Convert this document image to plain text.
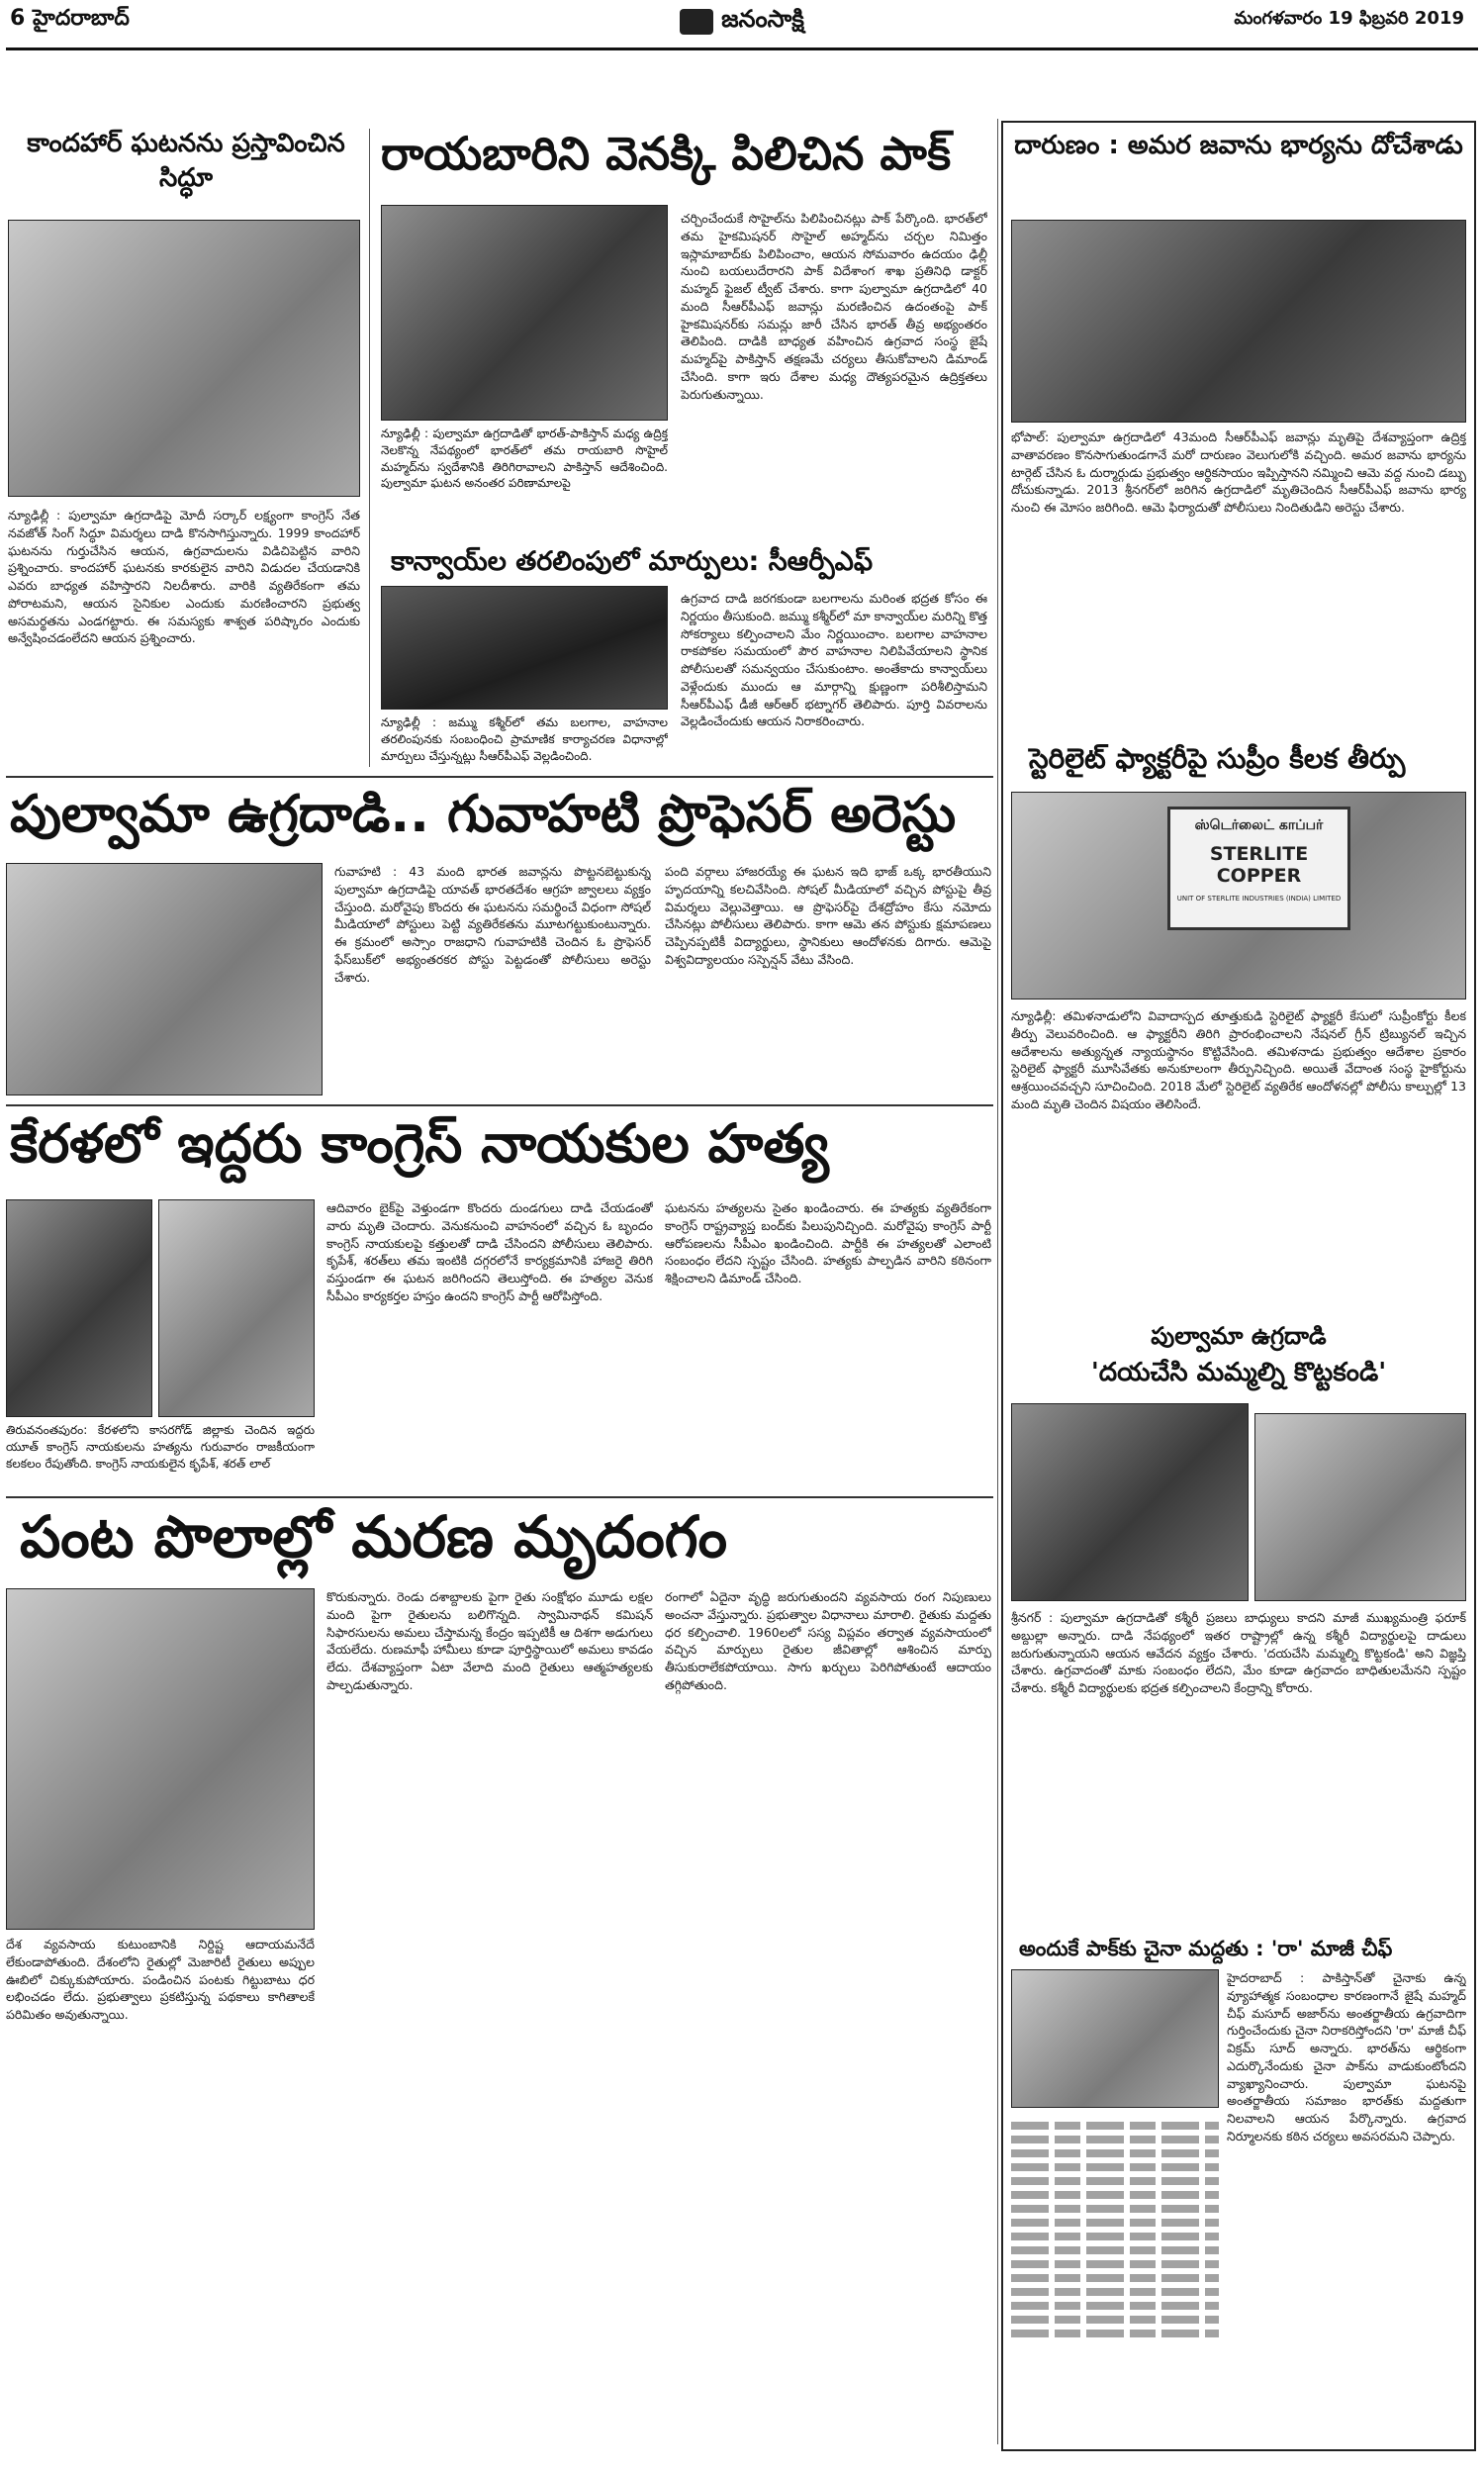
6 హైదరాబాద్	జనంసాక్షి	మంగళవారం 19 ఫిబ్రవరి 2019
కాందహార్ ఘటనను ప్రస్తావించిన సిద్ధూ
న్యూఢిల్లీ : పుల్వామా ఉగ్రదాడిపై మోదీ సర్కార్ లక్ష్యంగా కాంగ్రెస్ నేత నవజోత్ సింగ్ సిద్ధూ విమర్శలు దాడి కొనసాగిస్తున్నారు. 1999 కాందహార్ ఘటనను గుర్తుచేసిన ఆయన, ఉగ్రవాదులను విడిచిపెట్టిన వారిని ప్రశ్నించారు. కాందహార్ ఘటనకు కారకులైన వారిని విడుదల చేయడానికి ఎవరు బాధ్యత వహిస్తారని నిలదీశారు. వారికి వ్యతిరేకంగా తమ పోరాటమని, ఆయన సైనికుల ఎందుకు మరణించారని ప్రభుత్వ అసమర్థతను ఎండగట్టారు. ఈ సమస్యకు శాశ్వత పరిష్కారం ఎందుకు అన్వేషించడంలేదని ఆయన ప్రశ్నించారు.
రాయబారిని వెనక్కి పిలిచిన పాక్
న్యూఢిల్లీ : పుల్వామా ఉగ్రదాడితో భారత్-పాకిస్తాన్ మధ్య ఉద్రిక్త నెలకొన్న నేపథ్యంలో భారత్‌లో తమ రాయబారి సొహైల్ మహ్మద్‌ను స్వదేశానికి తిరిగిరావాలని పాకిస్తాన్ ఆదేశించింది. పుల్వామా ఘటన అనంతర పరిణామాలపై
చర్చించేందుకే సొహైల్‌ను పిలిపించినట్లు పాక్ పేర్కొంది. భారత్‌లో తమ హైకమిషనర్ సొహైల్ అహ్మద్‌ను చర్చల నిమిత్తం ఇస్లామాబాద్‌కు పిలిపించాం, ఆయన సోమవారం ఉదయం ఢిల్లీ నుంచి బయలుదేరారని పాక్ విదేశాంగ శాఖ ప్రతినిధి డాక్టర్ మహ్మద్ ఫైజల్ ట్వీట్ చేశారు. కాగా పుల్వామా ఉగ్రదాడిలో 40 మంది సీఆర్‌పీఎఫ్ జవాన్లు మరణించిన ఉదంతంపై పాక్ హైకమిషనర్‌కు సమన్లు జారీ చేసిన భారత్ తీవ్ర అభ్యంతరం తెలిపింది. దాడికి బాధ్యత వహించిన ఉగ్రవాద సంస్థ జైషే మహ్మద్‌పై పాకిస్తాన్ తక్షణమే చర్యలు తీసుకోవాలని డిమాండ్ చేసింది. కాగా ఇరు దేశాల మధ్య దౌత్యపరమైన ఉద్రిక్తతలు పెరుగుతున్నాయి.
కాన్వాయ్‌ల తరలింపులో మార్పులు: సీఆర్పీఎఫ్
న్యూఢిల్లీ : జమ్ము కశ్మీర్‌లో తమ బలగాల, వాహనాల తరలింపునకు సంబంధించి ప్రామాణిక కార్యాచరణ విధానాల్లో మార్పులు చేస్తున్నట్లు సీఆర్‌పీఎఫ్ వెల్లడించింది.
ఉగ్రవాద దాడి జరగకుండా బలగాలను మరింత భద్రత కోసం ఈ నిర్ణయం తీసుకుంది. జమ్ము కశ్మీర్‌లో మా కాన్వాయ్‌ల మరిన్ని కొత్త సోకర్యాలు కల్పించాలని మేం నిర్ణయించాం. బలగాల వాహనాల రాకపోకల సమయంలో పౌర వాహనాల నిలిపివేయాలని స్థానిక పోలీసులతో సమన్వయం చేసుకుంటాం. అంతేకాదు కాన్వాయ్‌లు వెళ్లేందుకు ముందు ఆ మార్గాన్ని క్షుణ్ణంగా పరిశీలిస్తామని సీఆర్‌పీఎఫ్ డీజీ ఆర్ఆర్ భట్నాగర్ తెలిపారు. పూర్తి వివరాలను వెల్లడించేందుకు ఆయన నిరాకరించారు.
పుల్వామా ఉగ్రదాడి.. గువాహటి ప్రొఫెసర్ అరెస్టు
గువాహటి : 43 మంది భారత జవాన్లను పొట్టనబెట్టుకున్న పుల్వామా ఉగ్రదాడిపై యావత్ భారతదేశం ఆగ్రహ జ్వాలలు వ్యక్తం చేస్తుంది. మరోవైపు కొందరు ఈ ఘటనను సమర్థించే విధంగా సోషల్ మీడియాలో పోస్టులు పెట్టి వ్యతిరేకతను మూటగట్టుకుంటున్నారు. ఈ క్రమంలో అస్సాం రాజధాని గువాహటికి చెందిన ఓ ప్రొఫెసర్ ఫేస్‌బుక్‌లో అభ్యంతరకర పోస్టు పెట్టడంతో పోలీసులు అరెస్టు చేశారు.
పంది వర్గాలు హాజరయ్యే ఈ ఘటన ఇది భాజ్ ఒక్క భారతీయుని హృదయాన్ని కలచివేసింది. సోషల్ మీడియాలో వచ్చిన పోస్టుపై తీవ్ర విమర్శలు వెల్లువెత్తాయి. ఆ ప్రొఫెసర్‌పై దేశద్రోహం కేసు నమోదు చేసినట్లు పోలీసులు తెలిపారు. కాగా ఆమె తన పోస్టుకు క్షమాపణలు చెప్పినప్పటికీ విద్యార్థులు, స్థానికులు ఆందోళనకు దిగారు. ఆమెపై విశ్వవిద్యాలయం సస్పెన్షన్ వేటు వేసింది.
కేరళలో ఇద్దరు కాంగ్రెస్ నాయకుల హత్య
తిరువనంతపురం: కేరళలోని కాసరగోడ్ జిల్లాకు చెందిన ఇద్దరు యూత్ కాంగ్రెస్ నాయకులను హత్యను గురువారం రాజకీయంగా కలకలం రేపుతోంది. కాంగ్రెస్ నాయకులైన కృపేశ్, శరత్ లాల్
ఆదివారం బైక్‌పై వెళ్తుండగా కొందరు దుండగులు దాడి చేయడంతో వారు మృతి చెందారు. వెనుకనుంచి వాహనంలో వచ్చిన ఓ బృందం కాంగ్రెస్ నాయకులపై కత్తులతో దాడి చేసిందని పోలీసులు తెలిపారు. కృపేశ్, శరత్‌లు తమ ఇంటికి దగ్గరలోనే కార్యక్రమానికి హాజరై తిరిగి వస్తుండగా ఈ ఘటన జరిగిందని తెలుస్తోంది. ఈ హత్యల వెనుక సీపీఎం కార్యకర్తల హస్తం ఉందని కాంగ్రెస్ పార్టీ ఆరోపిస్తోంది.
ఘటనను హత్యలను సైతం ఖండించారు. ఈ హత్యకు వ్యతిరేకంగా కాంగ్రెస్ రాష్ట్రవ్యాప్త బంద్‌కు పిలుపునిచ్చింది. మరోవైపు కాంగ్రెస్ పార్టీ ఆరోపణలను సీపీఎం ఖండించింది. పార్టీకి ఈ హత్యలతో ఎలాంటి సంబంధం లేదని స్పష్టం చేసింది. హత్యకు పాల్పడిన వారిని కఠినంగా శిక్షించాలని డిమాండ్ చేసింది.
పంట పొలాల్లో మరణ మృదంగం
దేశ వ్యవసాయ కుటుంబానికి నిర్దిష్ట ఆదాయమనేదే లేకుండాపోతుంది. దేశంలోని రైతుల్లో మెజారిటీ రైతులు అప్పుల ఊబిలో చిక్కుకుపోయారు. పండించిన పంటకు గిట్టుబాటు ధర లభించడం లేదు. ప్రభుత్వాలు ప్రకటిస్తున్న పథకాలు కాగితాలకే పరిమితం అవుతున్నాయి.
కొరుకున్నారు. రెండు దశాబ్దాలకు పైగా రైతు సంక్షోభం మూడు లక్షల మంది పైగా రైతులను బలిగొన్నది. స్వామినాథన్ కమిషన్ సిఫారసులను అమలు చేస్తామన్న కేంద్రం ఇప్పటికీ ఆ దిశగా అడుగులు వేయలేదు. రుణమాఫీ హామీలు కూడా పూర్తిస్థాయిలో అమలు కావడం లేదు. దేశవ్యాప్తంగా ఏటా వేలాది మంది రైతులు ఆత్మహత్యలకు పాల్పడుతున్నారు.
రంగాలో ఏదైనా వృద్ధి జరుగుతుందని వ్యవసాయ రంగ నిపుణులు అంచనా వేస్తున్నారు. ప్రభుత్వాల విధానాలు మారాలి. రైతుకు మద్దతు ధర కల్పించాలి. 1960లలో సస్య విప్లవం తర్వాత వ్యవసాయంలో వచ్చిన మార్పులు రైతుల జీవితాల్లో ఆశించిన మార్పు తీసుకురాలేకపోయాయి. సాగు ఖర్చులు పెరిగిపోతుంటే ఆదాయం తగ్గిపోతుంది.
దారుణం : అమర జవాను భార్యను దోచేశాడు
భోపాల్: పుల్వామా ఉగ్రదాడిలో 43మంది సీఆర్‌పీఎఫ్ జవాన్లు మృతిపై దేశవ్యాప్తంగా ఉద్రిక్త వాతావరణం కొనసాగుతుండగానే మరో దారుణం వెలుగులోకి వచ్చింది. అమర జవాను భార్యను టార్గెట్ చేసిన ఓ దుర్మార్గుడు ప్రభుత్వం ఆర్థికసాయం ఇప్పిస్తానని నమ్మించి ఆమె వద్ద నుంచి డబ్బు దోచుకున్నాడు. 2013 శ్రీనగర్‌లో జరిగిన ఉగ్రదాడిలో మృతిచెందిన సీఆర్‌పీఎఫ్ జవాను భార్య నుంచి ఈ మోసం జరిగింది. ఆమె ఫిర్యాదుతో పోలీసులు నిందితుడిని అరెస్టు చేశారు.
స్టెరిలైట్ ఫ్యాక్టరీపై సుప్రీం కీలక తీర్పు
ஸ்டெர்லைட் காப்பர்
STERLITE COPPER
UNIT OF STERLITE INDUSTRIES (INDIA) LIMITED
న్యూఢిల్లీ: తమిళనాడులోని వివాదాస్పద తూత్తుకుడి స్టెరిలైట్ ఫ్యాక్టరీ కేసులో సుప్రీంకోర్టు కీలక తీర్పు వెలువరించింది. ఆ ఫ్యాక్టరీని తిరిగి ప్రారంభించాలని నేషనల్ గ్రీన్ ట్రిబ్యునల్ ఇచ్చిన ఆదేశాలను అత్యున్నత న్యాయస్థానం కొట్టివేసింది. తమిళనాడు ప్రభుత్వం ఆదేశాల ప్రకారం స్టెరిలైట్ ఫ్యాక్టరీ మూసివేతకు అనుకూలంగా తీర్పునిచ్చింది. అయితే వేదాంత సంస్థ హైకోర్టును ఆశ్రయించవచ్చని సూచించింది. 2018 మేలో స్టెరిలైట్ వ్యతిరేక ఆందోళనల్లో పోలీసు కాల్పుల్లో 13 మంది మృతి చెందిన విషయం తెలిసిందే.
పుల్వామా ఉగ్రదాడి
'దయచేసి మమ్మల్ని కొట్టకండి'
శ్రీనగర్ : పుల్వామా ఉగ్రదాడితో కశ్మీరీ ప్రజలు బాధ్యులు కాదని మాజీ ముఖ్యమంత్రి ఫరూక్ అబ్దుల్లా అన్నారు. దాడి నేపథ్యంలో ఇతర రాష్ట్రాల్లో ఉన్న కశ్మీరీ విద్యార్థులపై దాడులు జరుగుతున్నాయని ఆయన ఆవేదన వ్యక్తం చేశారు. 'దయచేసి మమ్మల్ని కొట్టకండి' అని విజ్ఞప్తి చేశారు. ఉగ్రవాదంతో మాకు సంబంధం లేదని, మేం కూడా ఉగ్రవాదం బాధితులమేనని స్పష్టం చేశారు. కశ్మీరీ విద్యార్థులకు భద్రత కల్పించాలని కేంద్రాన్ని కోరారు.
అందుకే పాక్‌కు చైనా మద్దతు : 'రా' మాజీ చీఫ్
హైదరాబాద్ : పాకిస్తాన్‌తో చైనాకు ఉన్న వ్యూహాత్మక సంబంధాల కారణంగానే జైషే మహ్మద్ చీఫ్ మసూద్ అజార్‌ను అంతర్జాతీయ ఉగ్రవాదిగా గుర్తించేందుకు చైనా నిరాకరిస్తోందని 'రా' మాజీ చీఫ్ విక్రమ్ సూద్ అన్నారు. భారత్‌ను ఆర్థికంగా ఎదుర్కొనేందుకు చైనా పాక్‌ను వాడుకుంటోందని వ్యాఖ్యానించారు. పుల్వామా ఘటనపై అంతర్జాతీయ సమాజం భారత్‌కు మద్దతుగా నిలవాలని ఆయన పేర్కొన్నారు. ఉగ్రవాద నిర్మూలనకు కఠిన చర్యలు అవసరమని చెప్పారు.
